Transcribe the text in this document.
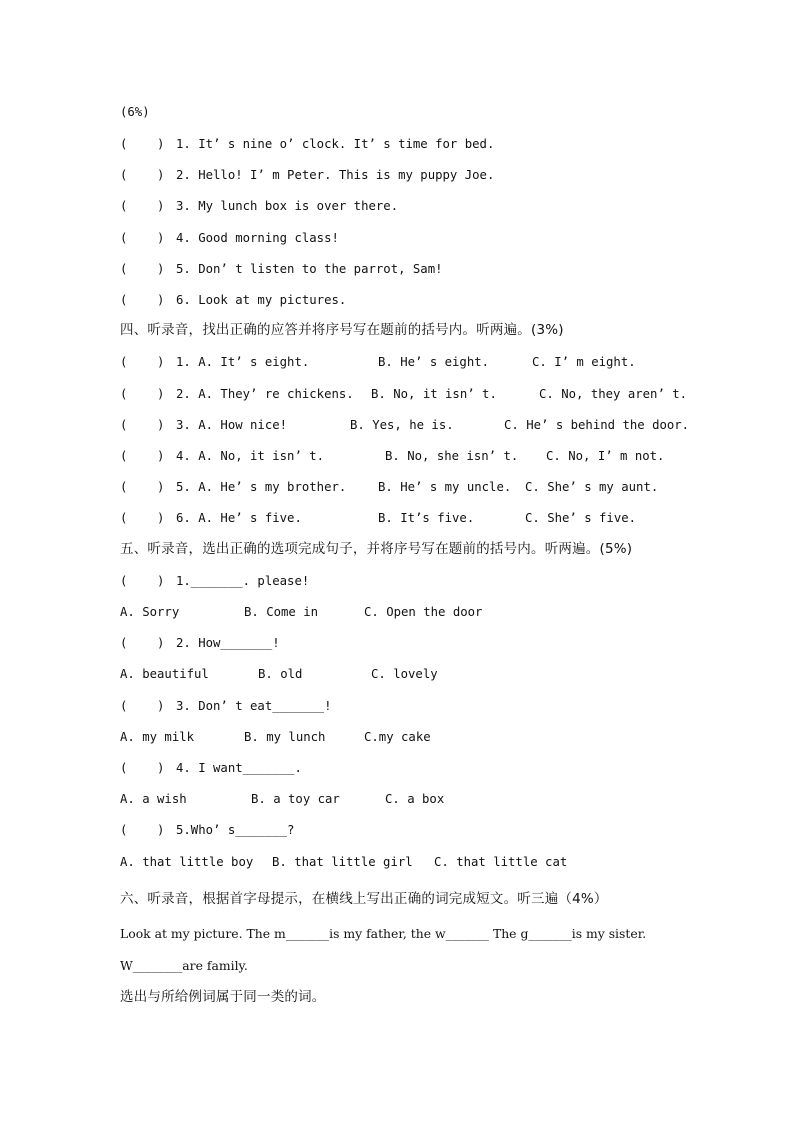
(6%)
(    ) 1. It’ s nine o’ clock. It’ s time for bed.
(    ) 2. Hello! I’ m Peter. This is my puppy Joe.
(    ) 3. My lunch box is over there.
(    ) 4. Good morning class!
(    ) 5. Don’ t listen to the parrot, Sam!
(    ) 6. Look at my pictures.
四、听录音，找出正确的应答并将序号写在题前的括号内。听两遍。(3%)
(    ) 1. A. It’ s eight.	B. He’ s eight.	C. I’ m eight.
(    ) 2. A. They’ re chickens. B. No, it isn’ t.	C. No, they aren’ t.
(    ) 3. A. How nice!	B. Yes, he is.	C. He’ s behind the door.
(    ) 4. A. No, it isn’ t.	B. No, she isn’ t. C. No, I’ m not.
(    ) 5. A. He’ s my brother.	B. He’ s my uncle. C. She’ s my aunt.
(    ) 6. A. He’ s five.	B. It’s five.	C. She’ s five.
五、听录音，选出正确的选项完成句子，并将序号写在题前的括号内。听两遍。(5%)
(    ) 1._______. please!
A. Sorry	B. Come in	C. Open the door
(    ) 2. How_______!
A. beautiful	B. old	C. lovely
(    ) 3. Don’ t eat_______!
A. my milk	B. my lunch	C.my cake
(    ) 4. I want_______.
A. a wish	B. a toy car	C. a box
(    ) 5.Who’ s_______?
A. that little boy B. that little girl C. that little cat
六、听录音，根据首字母提示，在横线上写出正确的词完成短文。听三遍（4%）
Look at my picture. The m_______is my father, the w_______ The g_______is my sister.
W________are family.
选出与所给例词属于同一类的词。
